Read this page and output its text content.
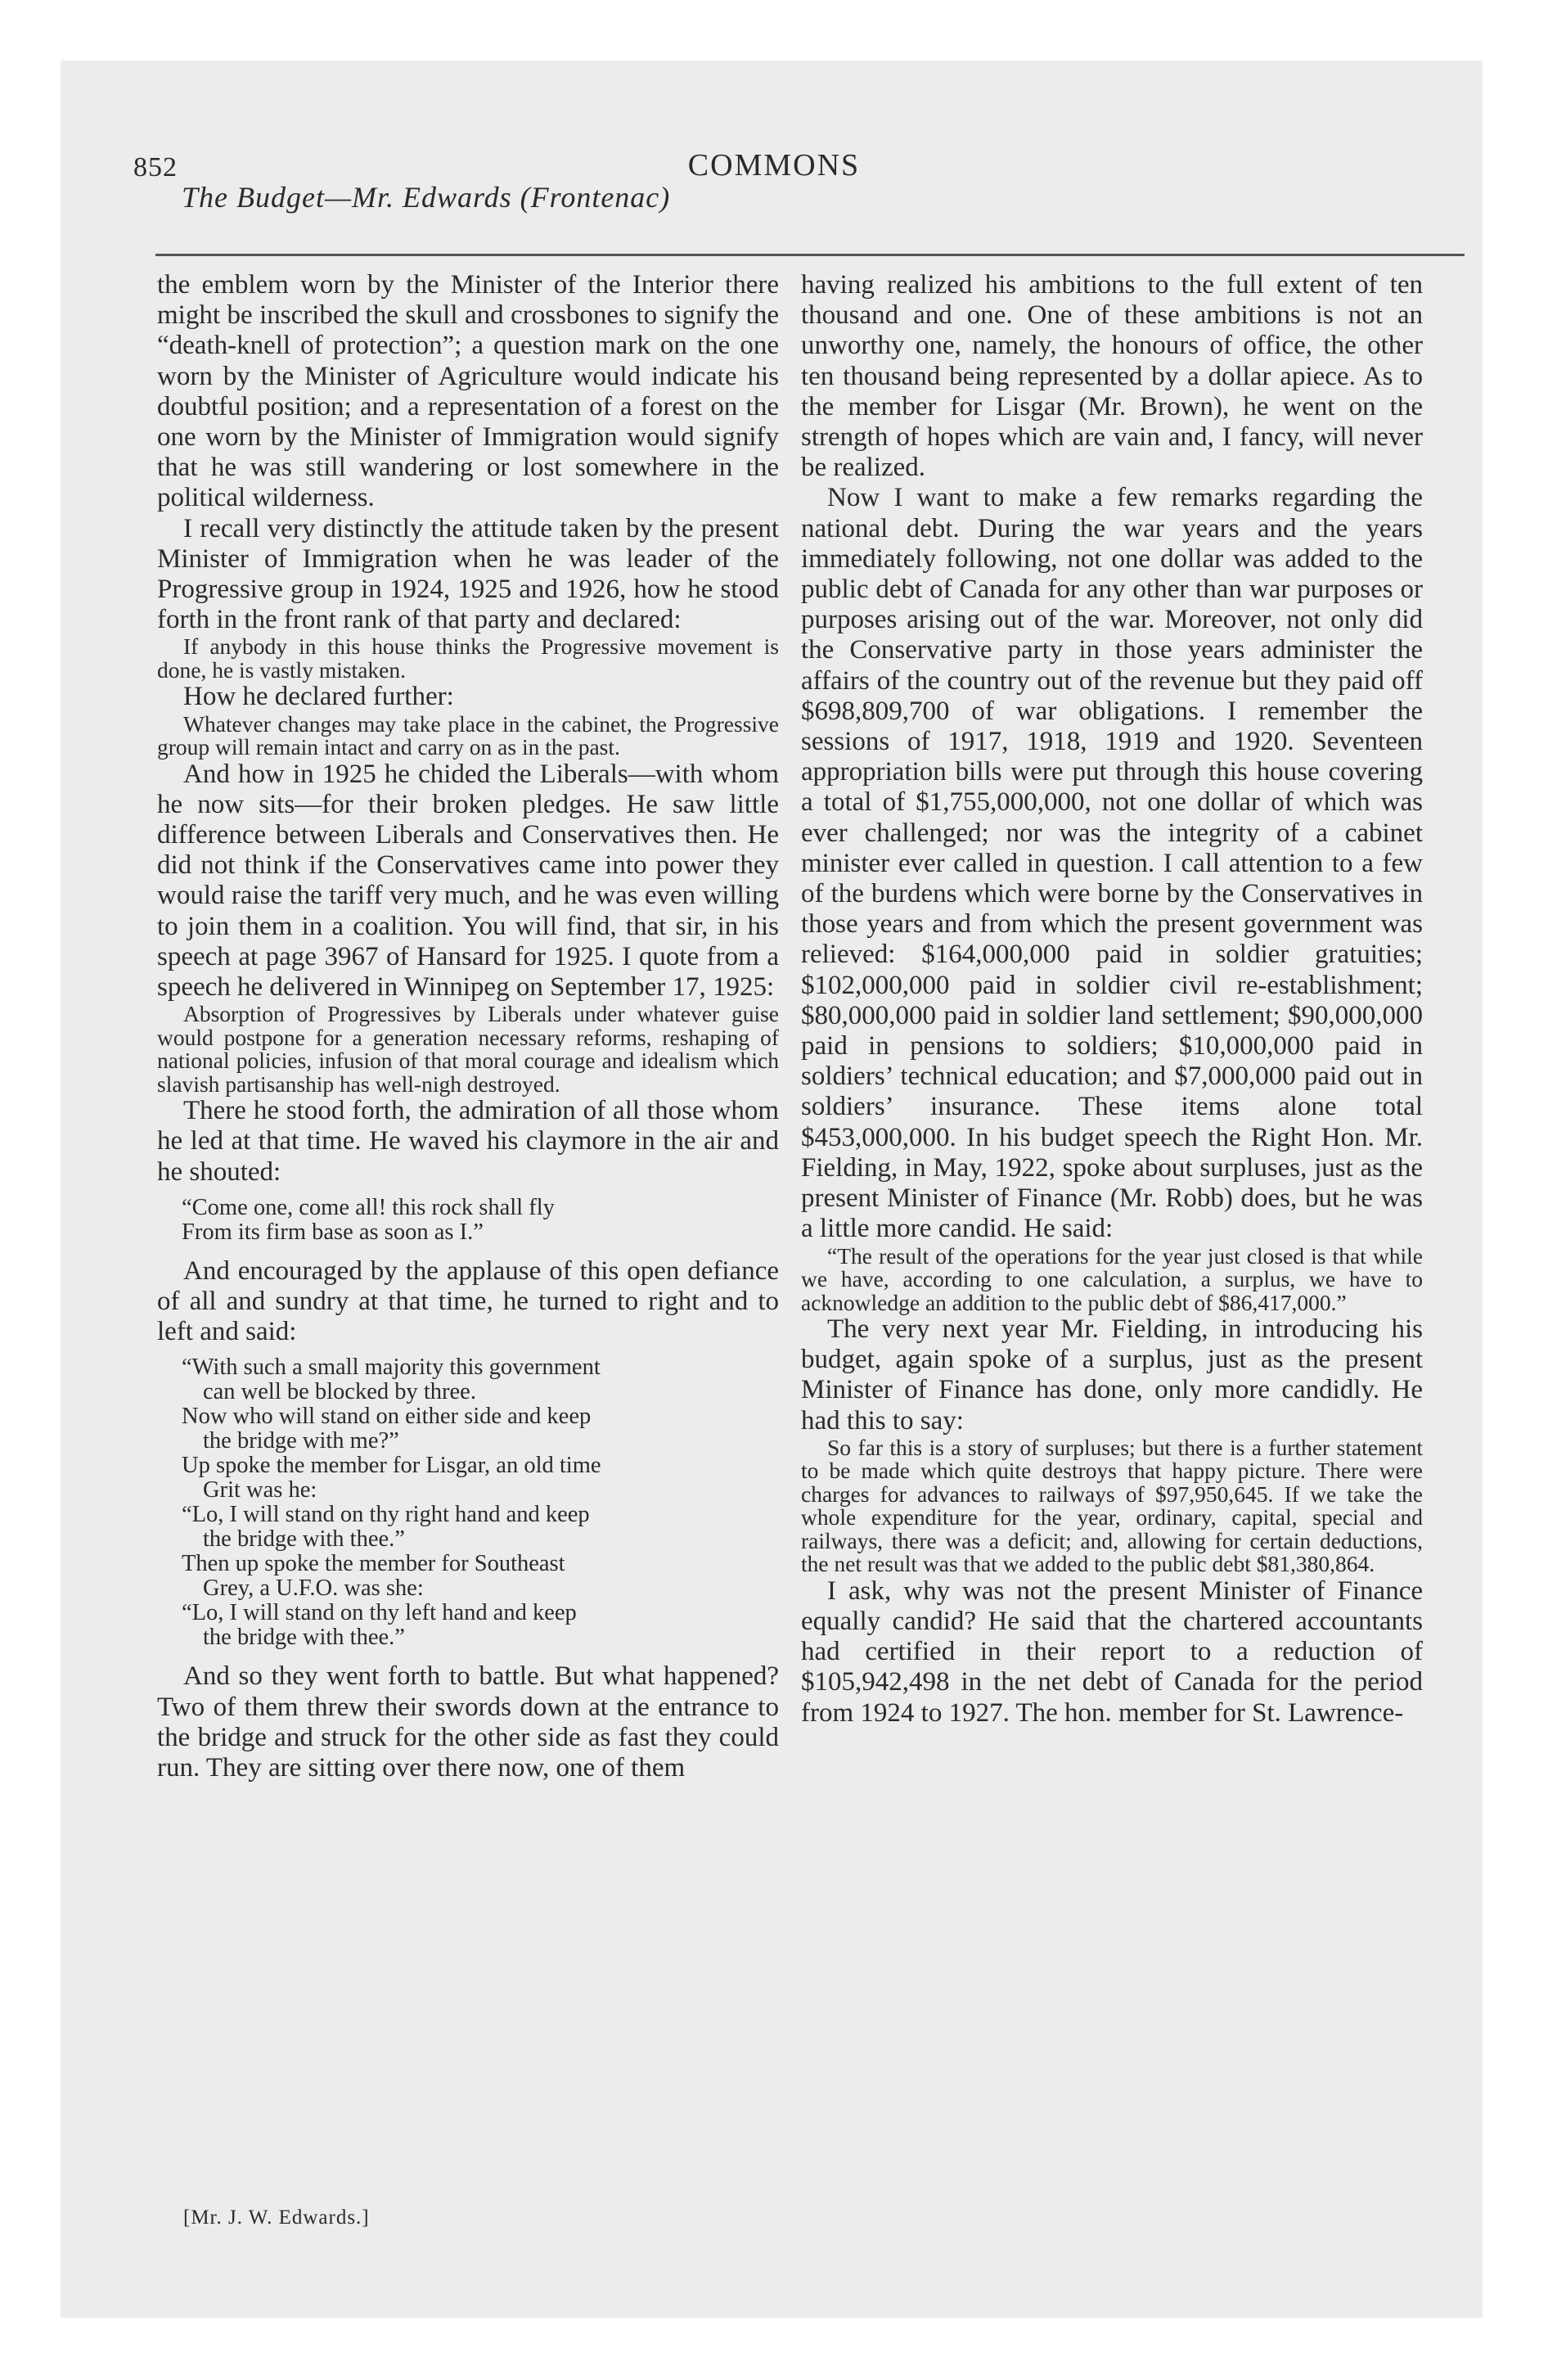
852	COMMONS
The Budget—Mr. Edwards (Frontenac)

the emblem worn by the Minister of the Interior there might be inscribed the skull and crossbones to signify the “death-knell of protection”; a question mark on the one worn by the Minister of Agriculture would indicate his doubtful position; and a representation of a forest on the one worn by the Minister of Immigration would signify that he was still wandering or lost somewhere in the political wilderness.

I recall very distinctly the attitude taken by the present Minister of Immigration when he was leader of the Progressive group in 1924, 1925 and 1926, how he stood forth in the front rank of that party and declared:

If anybody in this house thinks the Progressive movement is done, he is vastly mistaken.

How he declared further:

Whatever changes may take place in the cabinet, the Progressive group will remain intact and carry on as in the past.

And how in 1925 he chided the Liberals—with whom he now sits—for their broken pledges. He saw little difference between Liberals and Conservatives then. He did not think if the Conservatives came into power they would raise the tariff very much, and he was even willing to join them in a coalition. You will find, that sir, in his speech at page 3967 of Hansard for 1925. I quote from a speech he delivered in Winnipeg on September 17, 1925:

Absorption of Progressives by Liberals under whatever guise would postpone for a generation necessary reforms, reshaping of national policies, infusion of that moral courage and idealism which slavish partisanship has well-nigh destroyed.

There he stood forth, the admiration of all those whom he led at that time. He waved his claymore in the air and he shouted:

“Come one, come all! this rock shall fly
From its firm base as soon as I.”

And encouraged by the applause of this open defiance of all and sundry at that time, he turned to right and to left and said:

“With such a small majority this government
can well be blocked by three.
Now who will stand on either side and keep
the bridge with me?”
Up spoke the member for Lisgar, an old time
Grit was he:
“Lo, I will stand on thy right hand and keep
the bridge with thee.”
Then up spoke the member for Southeast
Grey, a U.F.O. was she:
“Lo, I will stand on thy left hand and keep
the bridge with thee.”

And so they went forth to battle. But what happened? Two of them threw their swords down at the entrance to the bridge and struck for the other side as fast they could run. They are sitting over there now, one of them

having realized his ambitions to the full extent of ten thousand and one. One of these ambitions is not an unworthy one, namely, the honours of office, the other ten thousand being represented by a dollar apiece. As to the member for Lisgar (Mr. Brown), he went on the strength of hopes which are vain and, I fancy, will never be realized.

Now I want to make a few remarks regarding the national debt. During the war years and the years immediately following, not one dollar was added to the public debt of Canada for any other than war purposes or purposes arising out of the war. Moreover, not only did the Conservative party in those years administer the affairs of the country out of the revenue but they paid off $698,809,700 of war obligations. I remember the sessions of 1917, 1918, 1919 and 1920. Seventeen appropriation bills were put through this house covering a total of $1,755,000,000, not one dollar of which was ever challenged; nor was the integrity of a cabinet minister ever called in question. I call attention to a few of the burdens which were borne by the Conservatives in those years and from which the present government was relieved: $164,000,000 paid in soldier gratuities; $102,000,000 paid in soldier civil re-establishment; $80,000,000 paid in soldier land settlement; $90,000,000 paid in pensions to soldiers; $10,000,000 paid in soldiers’ technical education; and $7,000,000 paid out in soldiers’ insurance. These items alone total $453,000,000. In his budget speech the Right Hon. Mr. Fielding, in May, 1922, spoke about surpluses, just as the present Minister of Finance (Mr. Robb) does, but he was a little more candid. He said:

“The result of the operations for the year just closed is that while we have, according to one calculation, a surplus, we have to acknowledge an addition to the public debt of $86,417,000.”

The very next year Mr. Fielding, in introducing his budget, again spoke of a surplus, just as the present Minister of Finance has done, only more candidly. He had this to say:

So far this is a story of surpluses; but there is a further statement to be made which quite destroys that happy picture. There were charges for advances to railways of $97,950,645. If we take the whole expenditure for the year, ordinary, capital, special and railways, there was a deficit; and, allowing for certain deductions, the net result was that we added to the public debt $81,380,864.

I ask, why was not the present Minister of Finance equally candid? He said that the chartered accountants had certified in their report to a reduction of $105,942,498 in the net debt of Canada for the period from 1924 to 1927. The hon. member for St. Lawrence-

[Mr. J. W. Edwards.]
